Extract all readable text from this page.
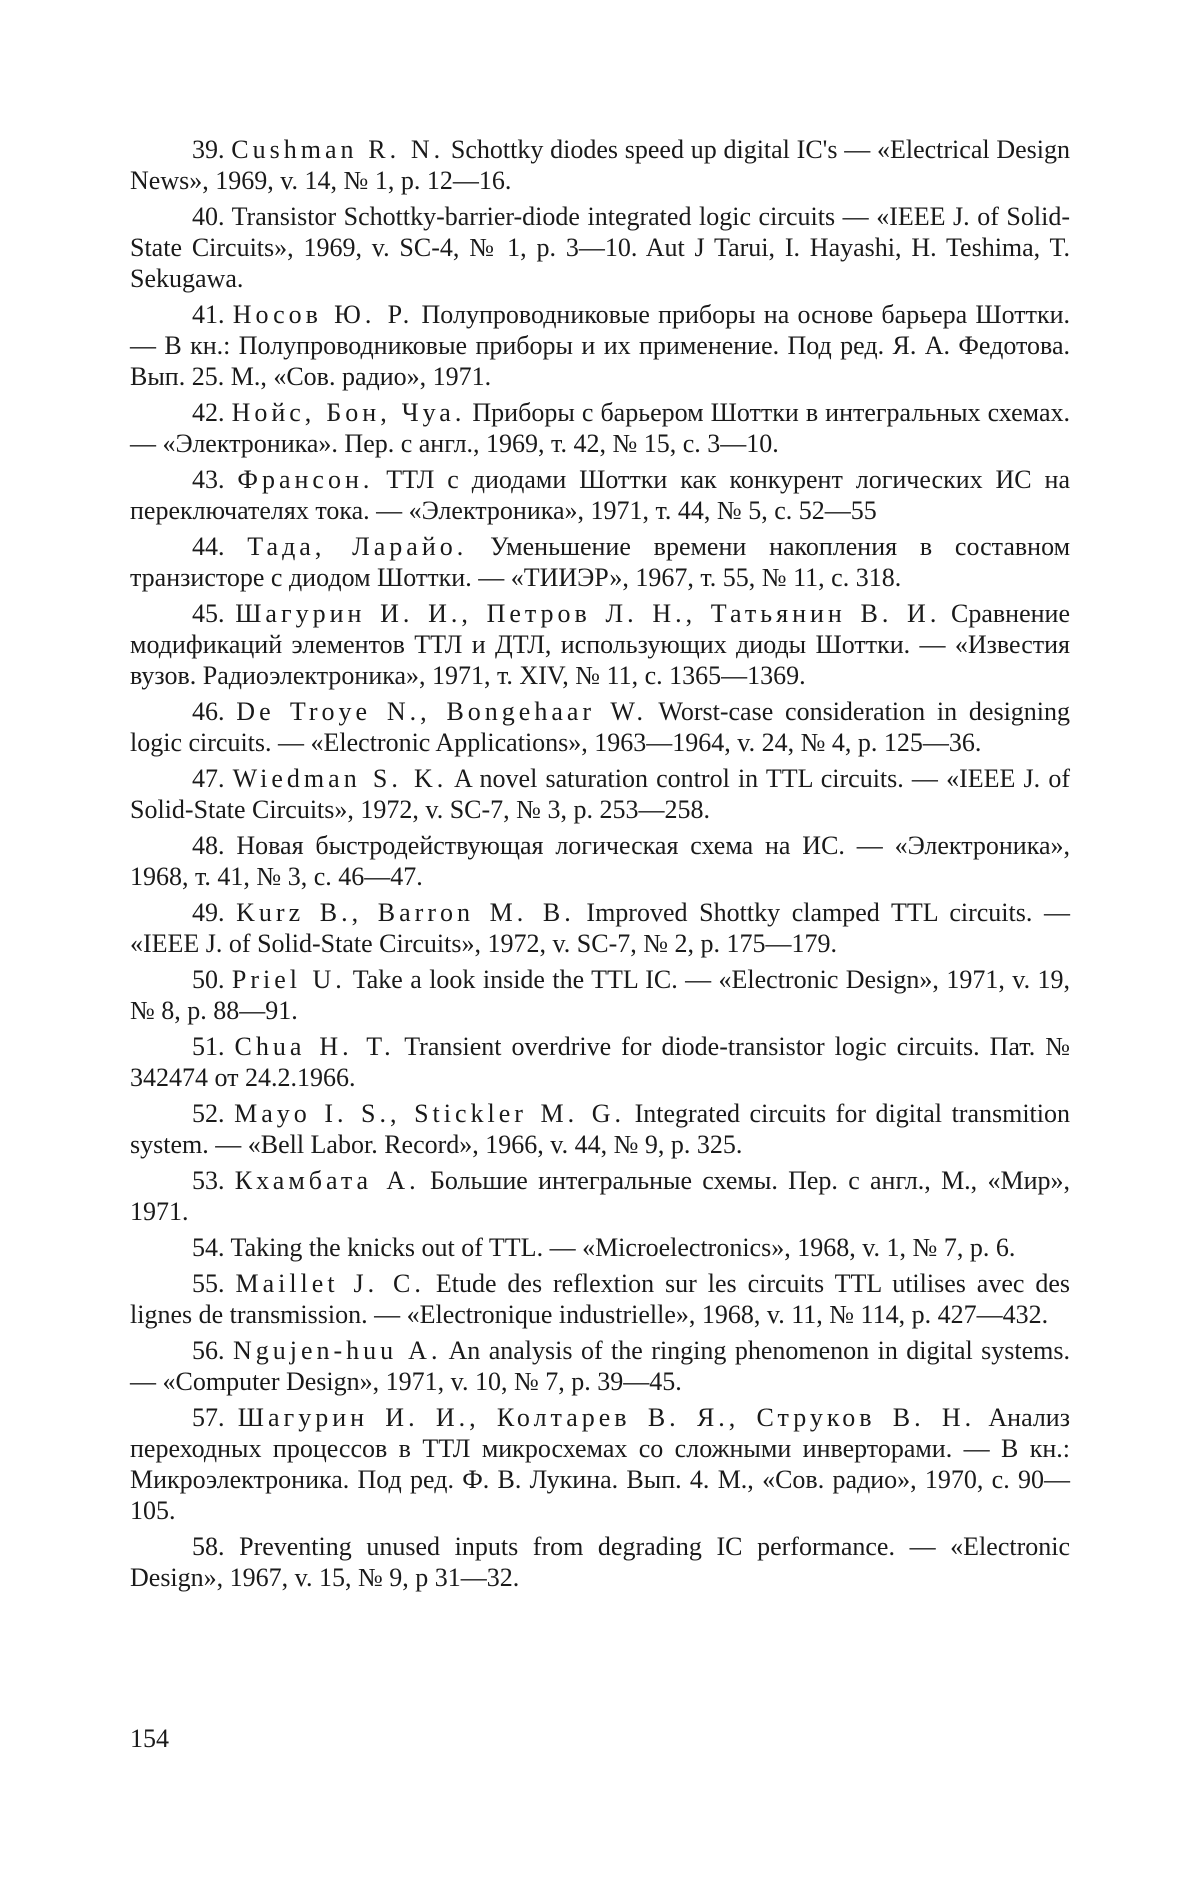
39. Cushman R. N. Schottky diodes speed up digital IC's — «Electrical Design News», 1969, v. 14, № 1, p. 12—16.

40. Transistor Schottky-barrier-diode integrated logic circuits — «IEEE J. of Solid-State Circuits», 1969, v. SC-4, № 1, p. 3—10. Aut J Tarui, I. Hayashi, H. Teshima, T. Sekugawa.

41. Носов Ю. Р. Полупроводниковые приборы на основе барьера Шоттки. — В кн.: Полупроводниковые приборы и их применение. Под ред. Я. А. Федотова. Вып. 25. М., «Сов. радио», 1971.

42. Нойс, Бон, Чуа. Приборы с барьером Шоттки в интегральных схемах. — «Электроника». Пер. с англ., 1969, т. 42, № 15, с. 3—10.

43. Франсон. ТТЛ с диодами Шоттки как конкурент логических ИС на переключателях тока. — «Электроника», 1971, т. 44, № 5, с. 52—55

44. Тада, Ларайо. Уменьшение времени накопления в составном транзисторе с диодом Шоттки. — «ТИИЭР», 1967, т. 55, № 11, с. 318.

45. Шагурин И. И., Петров Л. Н., Татьянин В. И. Сравнение модификаций элементов ТТЛ и ДТЛ, использующих диоды Шоттки. — «Известия вузов. Радиоэлектроника», 1971, т. XIV, № 11, с. 1365—1369.

46. De Troye N., Bongehaar W. Worst-case consideration in designing logic circuits. — «Electronic Applications», 1963—1964, v. 24, № 4, p. 125—36.

47. Wiedman S. K. A novel saturation control in TTL circuits. — «IEEE J. of Solid-State Circuits», 1972, v. SC-7, № 3, p. 253—258.

48. Новая быстродействующая логическая схема на ИС. — «Электроника», 1968, т. 41, № 3, с. 46—47.

49. Kurz B., Barron M. B. Improved Shottky clamped TTL circuits. — «IEEE J. of Solid-State Circuits», 1972, v. SC-7, № 2, p. 175—179.

50. Priel U. Take a look inside the TTL IC. — «Electronic Design», 1971, v. 19, № 8, p. 88—91.

51. Chua H. T. Transient overdrive for diode-transistor logic circuits. Пат. № 342474 от 24.2.1966.

52. Mayo I. S., Stickler M. G. Integrated circuits for digital transmition system. — «Bell Labor. Record», 1966, v. 44, № 9, p. 325.

53. Кхамбата А. Большие интегральные схемы. Пер. с англ., М., «Мир», 1971.

54. Taking the knicks out of TTL. — «Microelectronics», 1968, v. 1, № 7, p. 6.

55. Maillet J. C. Etude des reflextion sur les circuits TTL utilises avec des lignes de transmission. — «Electronique industrielle», 1968, v. 11, № 114, p. 427—432.

56. Ngujen-huu A. An analysis of the ringing phenomenon in digital systems. — «Computer Design», 1971, v. 10, № 7, p. 39—45.

57. Шагурин И. И., Колтарев В. Я., Струков В. Н. Анализ переходных процессов в ТТЛ микросхемах со сложными инверторами. — В кн.: Микроэлектроника. Под ред. Ф. В. Лукина. Вып. 4. М., «Сов. радио», 1970, с. 90—105.

58. Preventing unused inputs from degrading IC performance. — «Electronic Design», 1967, v. 15, № 9, p 31—32.

154
